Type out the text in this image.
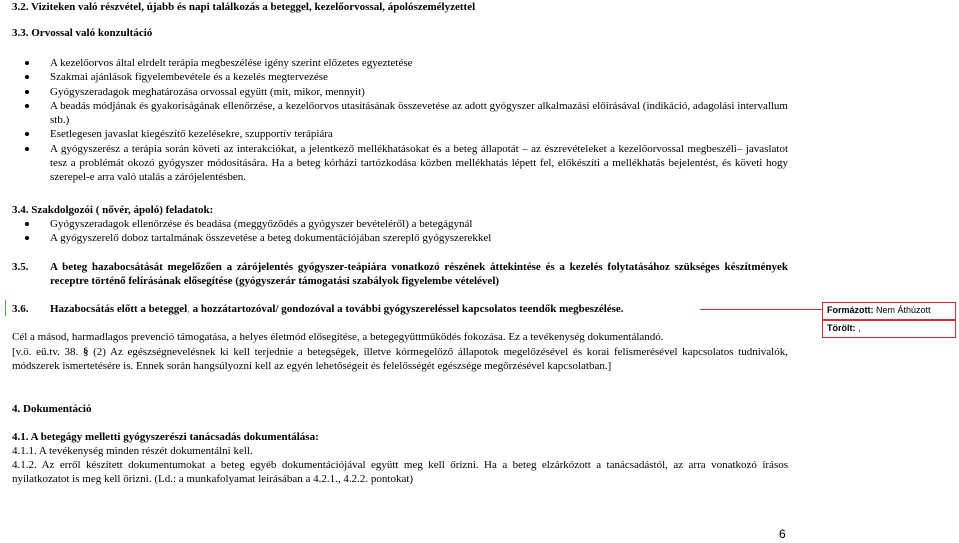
3.2. Viziteken való részvétel, újabb és napi találkozás a beteggel, kezelőorvossal, ápolószemélyzettel
3.3. Orvossal való konzultáció
A kezelőorvos által elrdelt terápia megbeszélése igény szerint előzetes egyeztetése
Szakmai ajánlások figyelembevétele és a kezelés megtervezése
Gyógyszeradagok meghatározása orvossal együtt (mit, mikor, mennyit)
A beadás módjának és gyakoriságának ellenőrzése, a kezelőorvos utasításának összevetése az adott gyógyszer alkalmazási előírásával (indikáció, adagolási intervallum stb.)
Esetlegesen javaslat kiegészítő kezelésekre, szupportív terápiára
A gyógyszerész a terápia során követi az interakciókat, a jelentkező mellékhatásokat és a beteg állapotát – az észrevételeket a kezelőorvossal megbeszéli– javaslatot tesz a problémát okozó gyógyszer módosítására. Ha a beteg kórházi tartózkodása közben mellékhatás lépett fel, előkészíti a mellékhatás bejelentést, és követi hogy szerepel-e arra való utalás a zárójelentésben.
3.4. Szakdolgozói ( nővér, ápoló) feladatok:
Gyógyszeradagok ellenőrzése és beadása (meggyőződés a gyógyszer bevételéről) a betegágynál
A gyógyszerelő doboz tartalmának összevetése a beteg dokumentációjában szereplő gyógyszerekkel

3.5. A beteg hazabocsátását megelőzően a zárójelentés gyógyszer-teápiára vonatkozó részének áttekintése és a kezelés folytatásához szükséges készítmények receptre történő felírásának elősegítése (gyógyszerár támogatási szabályok figyelembe vételével)

3.6. Hazabocsátás előtt a beteggel, a hozzátartozóval/ gondozóval a további gyógyszereléssel kapcsolatos teendők megbeszélése.

Cél a másod, harmadlagos prevenció támogatása, a helyes életmód elősegítése, a betegegyüttműködés fokozása. Ez a tevékenység dokumentálandó.

[v.ö. eü.tv. 38. § (2) Az egészségnevelésnek ki kell terjednie a betegségek, illetve kórmegelőző állapotok megelőzésével és korai felismerésével kapcsolatos tudnivalók, módszerek ismertetésére is. Ennek során hangsúlyozni kell az egyén lehetőségeit és felelősségét egészsége megőrzésével kapcsolatban.]

4. Dokumentáció
4.1. A betegágy melletti gyógyszerészi tanácsadás dokumentálása:

4.1.1. A tevékenység minden részét dokumentálni kell.

4.1.2. Az erről készített dokumentumokat a beteg egyéb dokumentációjával együtt meg kell őrizni. Ha a beteg elzárkózott a tanácsadástól, az arra vonatkozó írásos nyilatkozatot is meg kell őrizni. (Ld.: a munkafolyamat leírásában a 4.2.1., 4.2.2. pontokat)

Formázott: Nem Áthúzott
Törölt: ,
6
